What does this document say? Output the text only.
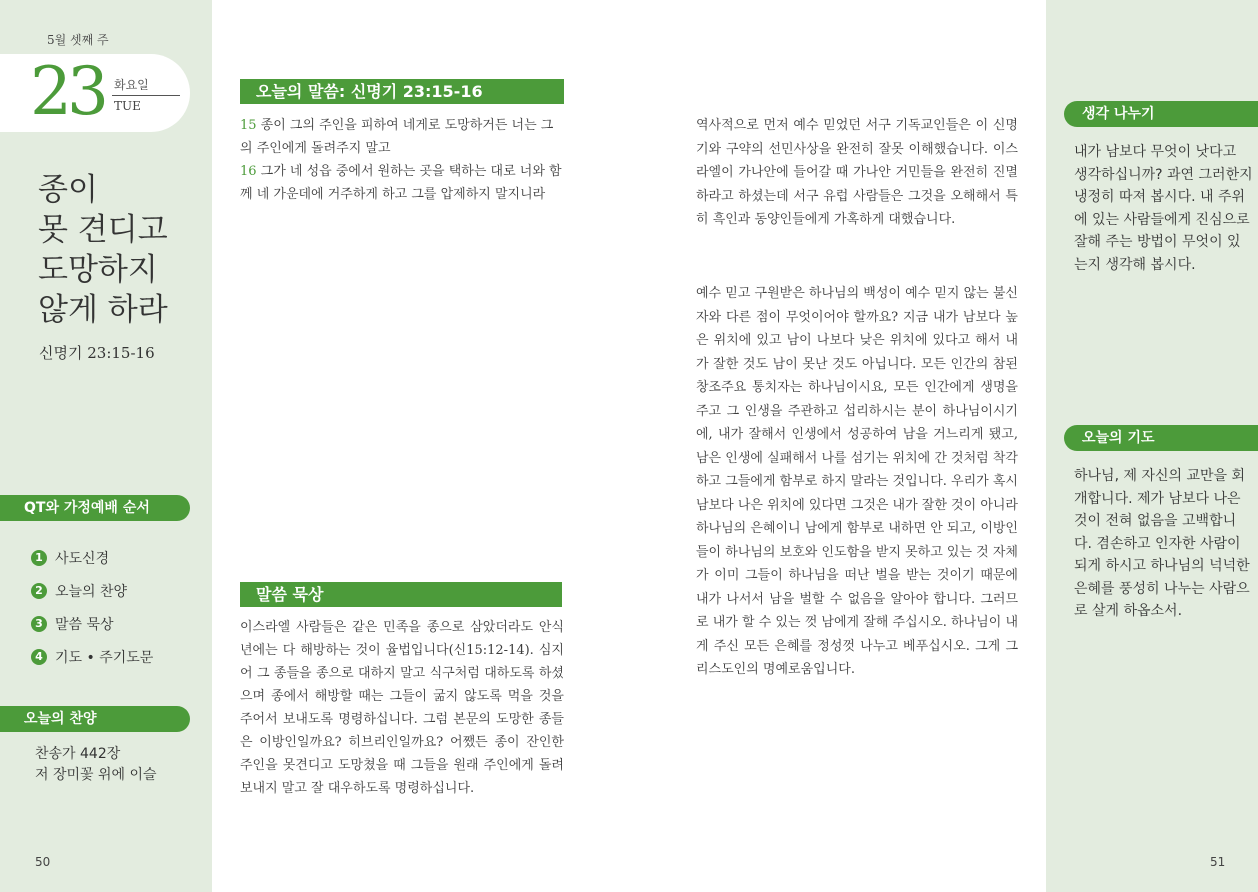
5월 셋째 주
23 화요일
TUE
종이
못 견디고
도망하지
않게 하라
신명기 23:15-16
QT와 가정예배 순서
1 사도신경
2 오늘의 찬양
3 말씀 묵상
4 기도 • 주기도문
오늘의 찬양
찬송가 442장
저 장미꽃 위에 이슬
50
오늘의 말씀: 신명기 23:15-16
15 종이 그의 주인을 피하여 네게로 도망하거든 너는 그의 주인에게 돌려주지 말고
16 그가 네 성읍 중에서 원하는 곳을 택하는 대로 너와 함께 네 가운데에 거주하게 하고 그를 압제하지 말지니라
말씀 묵상
이스라엘 사람들은 같은 민족을 종으로 삼았더라도 안식년에는 다 해방하는 것이 율법입니다(신15:12-14). 심지어 그 종들을 종으로 대하지 말고 식구처럼 대하도록 하셨으며 종에서 해방할 때는 그들이 굶지 않도록 먹을 것을 주어서 보내도록 명령하십니다. 그럼 본문의 도망한 종들은 이방인일까요? 히브리인일까요? 어쨌든 종이 잔인한 주인을 못견디고 도망쳤을 때 그들을 원래 주인에게 돌려보내지 말고 잘 대우하도록 명령하십니다.
역사적으로 먼저 예수 믿었던 서구 기독교인들은 이 신명기와 구약의 선민사상을 완전히 잘못 이해했습니다. 이스라엘이 가나안에 들어갈 때 가나안 거민들을 완전히 진멸하라고 하셨는데 서구 유럽 사람들은 그것을 오해해서 특히 흑인과 동양인들에게 가혹하게 대했습니다.
예수 믿고 구원받은 하나님의 백성이 예수 믿지 않는 불신자와 다른 점이 무엇이어야 할까요? 지금 내가 남보다 높은 위치에 있고 남이 나보다 낮은 위치에 있다고 해서 내가 잘한 것도 남이 못난 것도 아닙니다. 모든 인간의 참된 창조주요 통치자는 하나님이시요, 모든 인간에게 생명을 주고 그 인생을 주관하고 섭리하시는 분이 하나님이시기에, 내가 잘해서 인생에서 성공하여 남을 거느리게 됐고, 남은 인생에 실패해서 나를 섬기는 위치에 간 것처럼 착각하고 그들에게 함부로 하지 말라는 것입니다. 우리가 혹시 남보다 나은 위치에 있다면 그것은 내가 잘한 것이 아니라 하나님의 은혜이니 남에게 함부로 내하면 안 되고, 이방인들이 하나님의 보호와 인도함을 받지 못하고 있는 것 자체가 이미 그들이 하나님을 떠난 벌을 받는 것이기 때문에 내가 나서서 남을 벌할 수 없음을 알아야 합니다. 그러므로 내가 할 수 있는 껏 남에게 잘해 주십시오. 하나님이 내게 주신 모든 은혜를 정성껏 나누고 베푸십시오. 그게 그리스도인의 명예로움입니다.
생각 나누기
내가 남보다 무엇이 낫다고 생각하십니까? 과연 그러한지 냉정히 따져 봅시다. 내 주위에 있는 사람들에게 진심으로 잘해 주는 방법이 무엇이 있는지 생각해 봅시다.
오늘의 기도
하나님, 제 자신의 교만을 회개합니다. 제가 남보다 나은 것이 전혀 없음을 고백합니다. 겸손하고 인자한 사람이 되게 하시고 하나님의 넉넉한 은혜를 풍성히 나누는 사람으로 살게 하옵소서.
51
